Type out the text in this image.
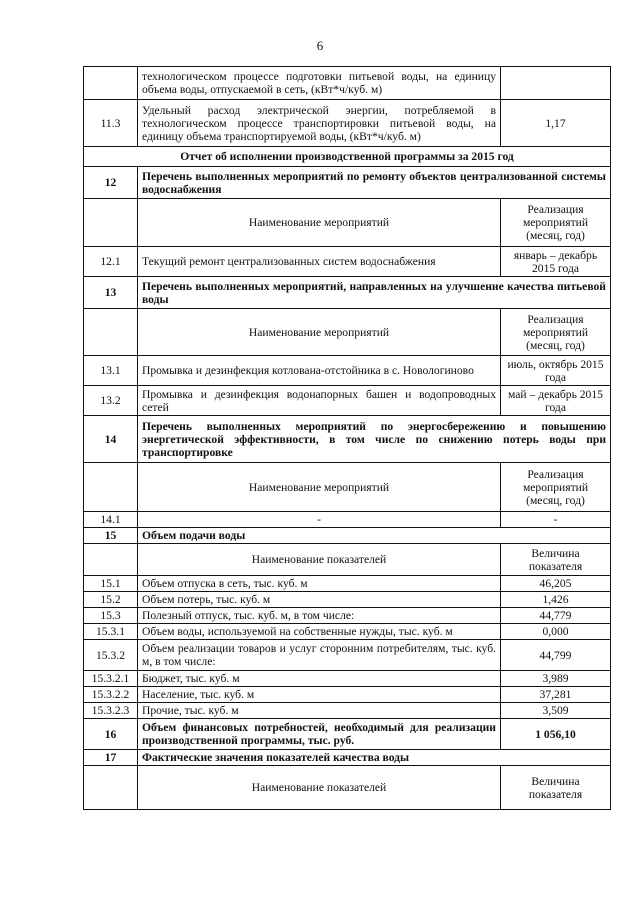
6
	технологическом процессе подготовки питьевой воды, на единицу объема воды, отпускаемой в сеть, (кВт*ч/куб. м)	
11.3	Удельный расход электрической энергии, потребляемой в технологическом процессе транспортировки питьевой воды, на единицу объема транспортируемой воды, (кВт*ч/куб. м)	1,17
Отчет об исполнении производственной программы за 2015 год		
12	Перечень выполненных мероприятий по ремонту объектов централизованной системы водоснабжения	
	Наименование мероприятий	Реализация мероприятий (месяц, год)
12.1	Текущий ремонт централизованных систем водоснабжения	январь – декабрь 2015 года
13	Перечень выполненных мероприятий, направленных на улучшение качества питьевой воды	
	Наименование мероприятий	Реализация мероприятий (месяц, год)
13.1	Промывка и дезинфекция котлована-отстойника в с. Новологиново	июль, октябрь 2015 года
13.2	Промывка и дезинфекция водонапорных башен и водопроводных сетей	май – декабрь 2015 года
14	Перечень выполненных мероприятий по энергосбережению и повышению энергетической эффективности, в том числе по снижению потерь воды при транспортировке	
	Наименование мероприятий	Реализация мероприятий (месяц, год)
14.1	-	-
15	Объем подачи воды	
	Наименование показателей	Величина показателя
15.1	Объем отпуска в сеть, тыс. куб. м	46,205
15.2	Объем потерь, тыс. куб. м	1,426
15.3	Полезный отпуск, тыс. куб. м, в том числе:	44,779
15.3.1	Объем воды, используемой на собственные нужды, тыс. куб. м	0,000
15.3.2	Объем реализации товаров и услуг сторонним потребителям, тыс. куб. м, в том числе:	44,799
15.3.2.1	Бюджет, тыс. куб. м	3,989
15.3.2.2	Население, тыс. куб. м	37,281
15.3.2.3	Прочие, тыс. куб. м	3,509
16	Объем финансовых потребностей, необходимый для реализации производственной программы, тыс. руб.	1 056,10
17	Фактические значения показателей качества воды	
	Наименование показателей	Величина показателя
